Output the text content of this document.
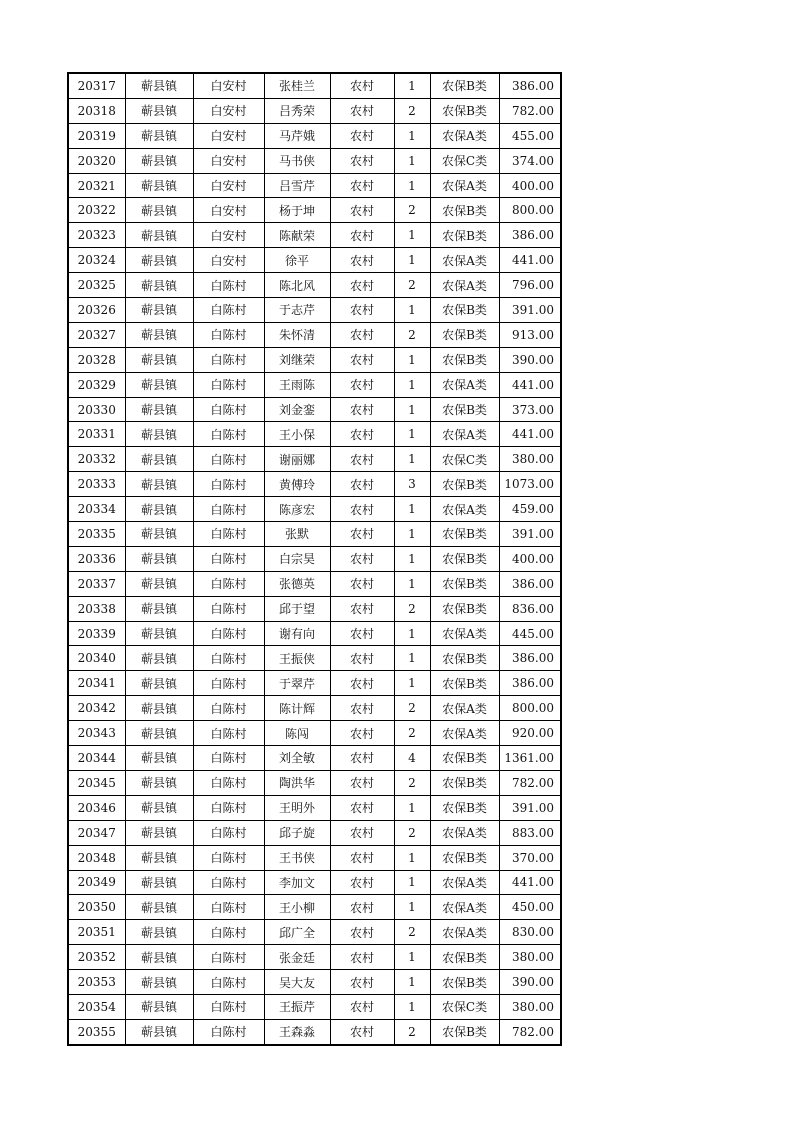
20317	蕲县镇	白安村	张桂兰	农村	1	农保B类	386.00
20318	蕲县镇	白安村	吕秀荣	农村	2	农保B类	782.00
20319	蕲县镇	白安村	马芹娥	农村	1	农保A类	455.00
20320	蕲县镇	白安村	马书侠	农村	1	农保C类	374.00
20321	蕲县镇	白安村	吕雪芹	农村	1	农保A类	400.00
20322	蕲县镇	白安村	杨于坤	农村	2	农保B类	800.00
20323	蕲县镇	白安村	陈献荣	农村	1	农保B类	386.00
20324	蕲县镇	白安村	徐平	农村	1	农保A类	441.00
20325	蕲县镇	白陈村	陈北风	农村	2	农保A类	796.00
20326	蕲县镇	白陈村	于志芹	农村	1	农保B类	391.00
20327	蕲县镇	白陈村	朱怀清	农村	2	农保B类	913.00
20328	蕲县镇	白陈村	刘继荣	农村	1	农保B类	390.00
20329	蕲县镇	白陈村	王雨陈	农村	1	农保A类	441.00
20330	蕲县镇	白陈村	刘金銮	农村	1	农保B类	373.00
20331	蕲县镇	白陈村	王小保	农村	1	农保A类	441.00
20332	蕲县镇	白陈村	谢丽娜	农村	1	农保C类	380.00
20333	蕲县镇	白陈村	黄傅玲	农村	3	农保B类	1073.00
20334	蕲县镇	白陈村	陈彦宏	农村	1	农保A类	459.00
20335	蕲县镇	白陈村	张默	农村	1	农保B类	391.00
20336	蕲县镇	白陈村	白宗昊	农村	1	农保B类	400.00
20337	蕲县镇	白陈村	张德英	农村	1	农保B类	386.00
20338	蕲县镇	白陈村	邱于望	农村	2	农保B类	836.00
20339	蕲县镇	白陈村	谢有向	农村	1	农保A类	445.00
20340	蕲县镇	白陈村	王振侠	农村	1	农保B类	386.00
20341	蕲县镇	白陈村	于翠芹	农村	1	农保B类	386.00
20342	蕲县镇	白陈村	陈计辉	农村	2	农保A类	800.00
20343	蕲县镇	白陈村	陈闯	农村	2	农保A类	920.00
20344	蕲县镇	白陈村	刘全敏	农村	4	农保B类	1361.00
20345	蕲县镇	白陈村	陶洪华	农村	2	农保B类	782.00
20346	蕲县镇	白陈村	王明外	农村	1	农保B类	391.00
20347	蕲县镇	白陈村	邱子旋	农村	2	农保A类	883.00
20348	蕲县镇	白陈村	王书侠	农村	1	农保B类	370.00
20349	蕲县镇	白陈村	李加文	农村	1	农保A类	441.00
20350	蕲县镇	白陈村	王小柳	农村	1	农保A类	450.00
20351	蕲县镇	白陈村	邱广全	农村	2	农保A类	830.00
20352	蕲县镇	白陈村	张金廷	农村	1	农保B类	380.00
20353	蕲县镇	白陈村	吴大友	农村	1	农保B类	390.00
20354	蕲县镇	白陈村	王振芹	农村	1	农保C类	380.00
20355	蕲县镇	白陈村	王森淼	农村	2	农保B类	782.00
